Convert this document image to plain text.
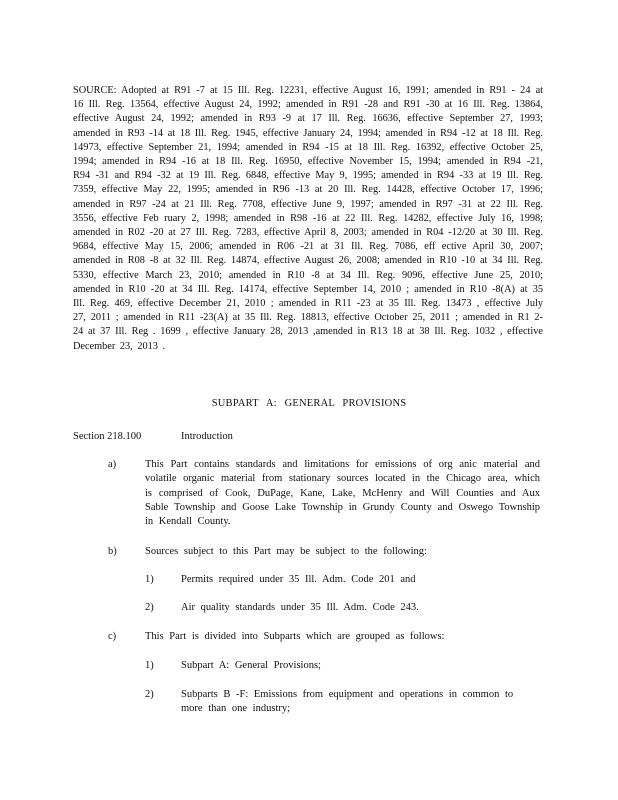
SOURCE: Adopted at R91 -7 at 15 Ill. Reg. 12231, effective August 16, 1991; amended in R91 - 24 at 16 Ill. Reg. 13564, effective August 24, 1992; amended in R91 -28 and R91 -30 at 16 Ill. Reg. 13864, effective August 24, 1992; amended in R93 -9 at 17 Ill. Reg. 16636, effective September 27, 1993; amended in R93 -14 at 18 Ill. Reg. 1945, effective January 24, 1994; amended in R94 -12 at 18 Ill. Reg. 14973, effective September 21, 1994; amended in R94 -15 at 18 Ill. Reg. 16392, effective October 25, 1994; amended in R94 -16 at 18 Ill. Reg. 16950, effective November 15, 1994; amended in R94 -21, R94 -31 and R94 -32 at 19 Ill. Reg. 6848, effective May 9, 1995; amended in R94 -33 at 19 Ill. Reg. 7359, effective May 22, 1995; amended in R96 -13 at 20 Ill. Reg. 14428, effective October 17, 1996; amended in R97 -24 at 21 Ill. Reg. 7708, effective June 9, 1997; amended in R97 -31 at 22 Ill. Reg. 3556, effective Feb ruary 2, 1998; amended in R98 -16 at 22 Ill. Reg. 14282, effective July 16, 1998; amended in R02 -20 at 27 Ill. Reg. 7283, effective April 8, 2003; amended in R04 -12/20 at 30 Ill. Reg. 9684, effective May 15, 2006; amended in R06 -21 at 31 Ill. Reg. 7086, eff ective April 30, 2007; amended in R08 -8 at 32 Ill. Reg. 14874, effective August 26, 2008; amended in R10 -10 at 34 Ill. Reg. 5330, effective March 23, 2010; amended in R10 -8 at 34 Ill. Reg. 9096, effective June 25, 2010; amended in R10 -20 at 34 Ill. Reg. 14174, effective September 14, 2010 ; amended in R10 -8(A) at 35 Ill. Reg. 469, effective December 21, 2010 ; amended in R11 -23 at 35 Ill. Reg. 13473 , effective July 27, 2011 ; amended in R11 -23(A) at 35 Ill. Reg. 18813, effective October 25, 2011 ; amended in R1 2-24 at 37 Ill. Reg . 1699 , effective January 28, 2013 ,amended in R13 18 at 38 Ill. Reg. 1032 , effective December 23, 2013 .

SUBPART A: GENERAL PROVISIONS
Section 218.100	Introduction
a)	This Part contains standards and limitations for emissions of org anic material and volatile organic material from stationary sources located in the Chicago area, which is comprised of Cook, DuPage, Kane, Lake, McHenry and Will Counties and Aux Sable Township and Goose Lake Township in Grundy County and Oswego Township in Kendall County.
b)	Sources subject to this Part may be subject to the following:
1)	Permits required under 35 Ill. Adm. Code 201 and
2)	Air quality standards under 35 Ill. Adm. Code 243.
c)	This Part is divided into Subparts which are grouped as follows:
1)	Subpart A: General Provisions;
2)	Subparts B -F: Emissions from equipment and operations in common to more than one industry;
